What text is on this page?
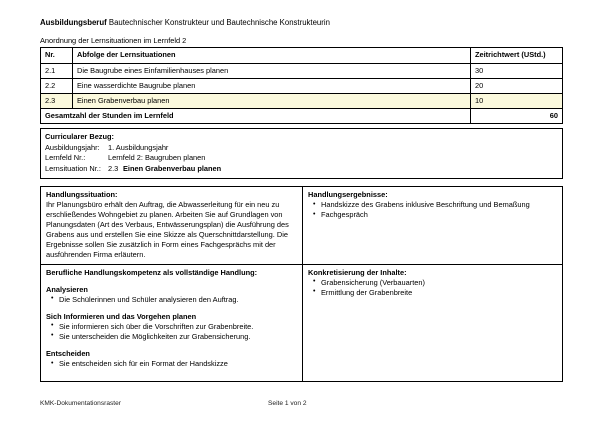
Ausbildungsberuf Bautechnischer Konstrukteur und Bautechnische Konstrukteurin
Anordnung der Lernsituationen im Lernfeld 2
Nr.	Abfolge der Lernsituationen	Zeitrichtwert (UStd.)
2.1	Die Baugrube eines Einfamilienhauses planen	30
2.2	Eine wasserdichte Baugrube planen	20
2.3	Einen Grabenverbau planen	10
Gesamtzahl der Stunden im Lernfeld		60
Curricularer Bezug:
Ausbildungsjahr:	1. Ausbildungsjahr
Lernfeld Nr.:	Lernfeld 2: Baugruben planen
Lernsituation Nr.: 2.3 Einen Grabenverbau planen
Handlungssituation:

Ihr Planungsbüro erhält den Auftrag, die Abwasserleitung für ein neu zu erschließendes Wohngebiet zu planen. Arbeiten Sie auf Grundlagen von Planungsdaten (Art des Verbaus, Entwässerungsplan) die Ausführung des Grabens aus und erstellen Sie eine Skizze als Querschnittdarstellung. Die Ergebnisse sollen Sie zusätzlich in Form eines Fachgesprächs mit der ausführenden Firma erläutern.

Handlungsergebnisse:
• Handskizze des Grabens inklusive Beschriftung und Bemaßung
• Fachgespräch

Berufliche Handlungskompetenz als vollständige Handlung:
Analysieren
• Die Schülerinnen und Schüler analysieren den Auftrag.
Sich Informieren und das Vorgehen planen
• Sie informieren sich über die Vorschriften zur Grabenbreite.
• Sie unterscheiden die Möglichkeiten zur Grabensicherung.
Entscheiden
• Sie entscheiden sich für ein Format der Handskizze

Konkretisierung der Inhalte:
• Grabensicherung (Verbauarten)
• Ermittlung der Grabenbreite
KMK-Dokumentationsraster	Seite 1 von 2
